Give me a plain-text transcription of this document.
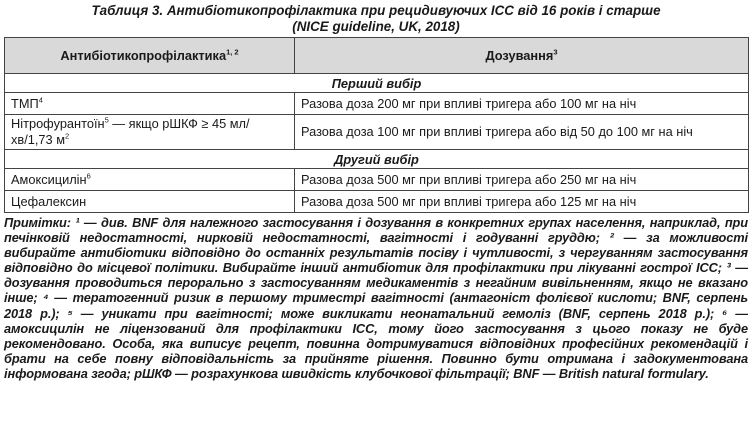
Таблиця 3. Антибіотикопрофілактика при рецидивуючих ІСС від 16 років і старше
(NICE guideline, UK, 2018)
Антибіотикопрофілактика$^{1, 2}$	Дозування$^3$
Перший вибір	
ТМП$^4$	Разова доза 200 мг при впливі тригера або 100 мг на ніч
Нітрофурантоїн$^5$ — якщо рШКФ ≥ 45 мл/хв/1,73 $м^2$	Разова доза 100 мг при впливі тригера або від 50 до 100 мг на ніч
Другий вибір	
Амоксицилін$^6$	Разова доза 500 мг при впливі тригера або 250 мг на ніч
Цефалексин	Разова доза 500 мг при впливі тригера або 125 мг на ніч
Примітки: ¹ — див. BNF для належного застосування і дозування в конкретних групах населення, наприклад, при печінковій недостатності, нирковій недостатності, вагітності і годуванні груддю; ² — за можливості вибирайте антибіотики відповідно до останніх результатів посіву і чутливості, з чергуванням застосування відповідно до місцевої політики. Вибирайте інший антибіотик для профілактики при лікуванні гострої ІСС; ³ — дозування проводиться перорально з застосуванням медикаментів з негайним вивільненням, якщо не вказано інше; ⁴ — тератогенний ризик в першому триместрі вагітності (антагоніст фолієвої кислоти; BNF, серпень 2018 р.); ⁵ — уникати при вагітності; може викликати неонатальний гемоліз (BNF, серпень 2018 р.); ⁶ — амоксицилін не ліцензований для профілактики ІСС, тому його застосування з цього показу не буде рекомендовано. Особа, яка виписує рецепт, повинна дотримуватися відповідних професійних рекомендацій і брати на себе повну відповідальність за прийняте рішення. Повинно бути отримана і задокументована інформована згода; рШКФ — розрахункова швидкість клубочкової фільтрації; BNF — British natural formulary.
